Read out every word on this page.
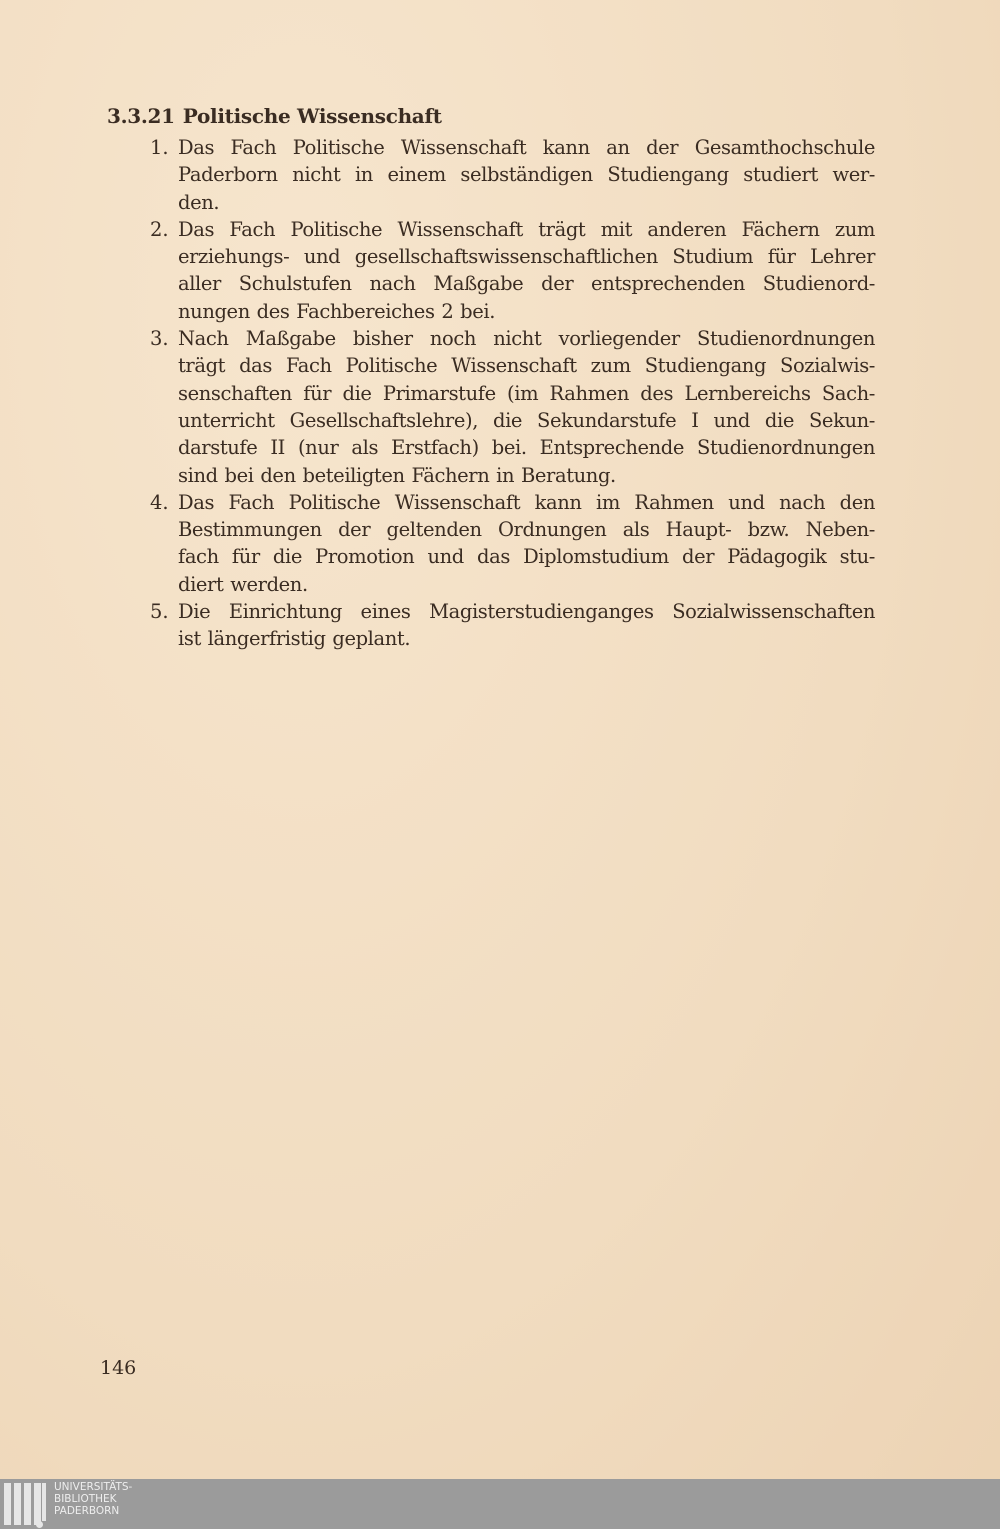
3.3.21 Politische Wissenschaft
1. Das Fach Politische Wissenschaft kann an der Gesamthochschule
Paderborn nicht in einem selbständigen Studiengang studiert wer-
den.
2. Das Fach Politische Wissenschaft trägt mit anderen Fächern zum
erziehungs- und gesellschaftswissenschaftlichen Studium für Lehrer
aller Schulstufen nach Maßgabe der entsprechenden Studienord-
nungen des Fachbereiches 2 bei.
3. Nach Maßgabe bisher noch nicht vorliegender Studienordnungen
trägt das Fach Politische Wissenschaft zum Studiengang Sozialwis-
senschaften für die Primarstufe (im Rahmen des Lernbereichs Sach-
unterricht Gesellschaftslehre), die Sekundarstufe I und die Sekun-
darstufe II (nur als Erstfach) bei. Entsprechende Studienordnungen
sind bei den beteiligten Fächern in Beratung.
4. Das Fach Politische Wissenschaft kann im Rahmen und nach den
Bestimmungen der geltenden Ordnungen als Haupt- bzw. Neben-
fach für die Promotion und das Diplomstudium der Pädagogik stu-
diert werden.
5. Die Einrichtung eines Magisterstudienganges Sozialwissenschaften
ist längerfristig geplant.
146
UNIVERSITÄTS-
BIBLIOTHEK
PADERBORN
